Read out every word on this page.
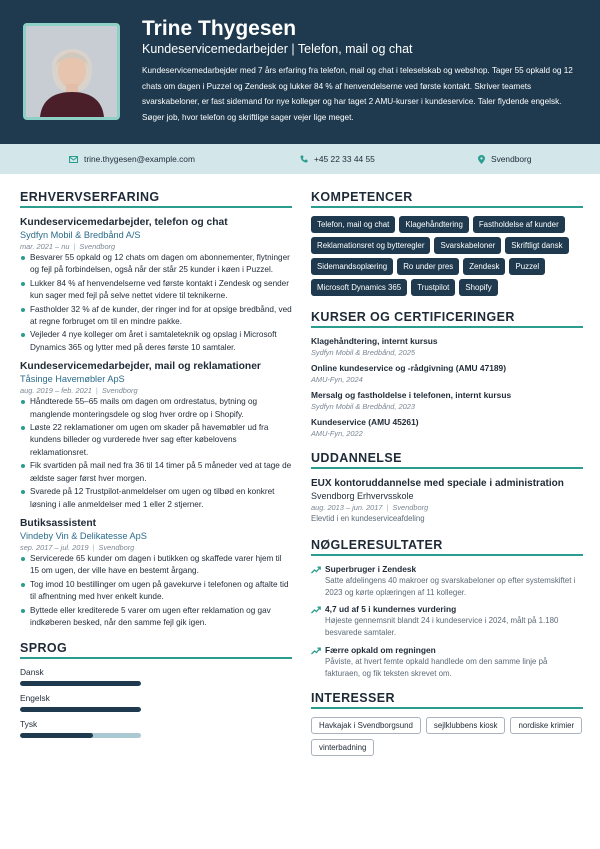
Trine Thygesen
Kundeservicemedarbejder | Telefon, mail og chat
Kundeservicemedarbejder med 7 års erfaring fra telefon, mail og chat i teleselskab og webshop. Tager 55 opkald og 12 chats om dagen i Puzzel og Zendesk og lukker 84 % af henvendelserne ved første kontakt. Skriver teamets svarskabeloner, er fast sidemand for nye kolleger og har taget 2 AMU-kurser i kundeservice. Taler flydende engelsk. Søger job, hvor telefon og skriftlige sager vejer lige meget.
trine.thygesen@example.com	+45 22 33 44 55	Svendborg
ERHVERVSERFARING
Kundeservicemedarbejder, telefon og chat
Sydfyn Mobil & Bredbånd A/S
mar. 2021 – nu | Svendborg
Besvarer 55 opkald og 12 chats om dagen om abonnementer, flytninger og fejl på forbindelsen, også når der står 25 kunder i køen i Puzzel.
Lukker 84 % af henvendelserne ved første kontakt i Zendesk og sender kun sager med fejl på selve nettet videre til teknikerne.
Fastholder 32 % af de kunder, der ringer ind for at opsige bredbånd, ved at regne forbruget om til en mindre pakke.
Vejleder 4 nye kolleger om året i samtaleteknik og opslag i Microsoft Dynamics 365 og lytter med på deres første 10 samtaler.
Kundeservicemedarbejder, mail og reklamationer
Tåsinge Havemøbler ApS
aug. 2019 – feb. 2021 | Svendborg
Håndterede 55–65 mails om dagen om ordrestatus, bytning og manglende monteringsdele og slog hver ordre op i Shopify.
Løste 22 reklamationer om ugen om skader på havemøbler ud fra kundens billeder og vurderede hver sag efter købelovens reklamationsret.
Fik svartiden på mail ned fra 36 til 14 timer på 5 måneder ved at tage de ældste sager først hver morgen.
Svarede på 12 Trustpilot-anmeldelser om ugen og tilbød en konkret løsning i alle anmeldelser med 1 eller 2 stjerner.
Butiksassistent
Vindeby Vin & Delikatesse ApS
sep. 2017 – jul. 2019 | Svendborg
Servicerede 65 kunder om dagen i butikken og skaffede varer hjem til 15 om ugen, der ville have en bestemt årgang.
Tog imod 10 bestillinger om ugen på gavekurve i telefonen og aftalte tid til afhentning med hver enkelt kunde.
Byttede eller krediterede 5 varer om ugen efter reklamation og gav indkøberen besked, når den samme fejl gik igen.
SPROG
Dansk
Engelsk
Tysk
KOMPETENCER
Telefon, mail og chat	Klagehåndtering	Fastholdelse af kunder
Reklamationsret og bytteregler	Svarskabeloner	Skriftligt dansk
Sidemandsoplæring	Ro under pres	Zendesk	Puzzel
Microsoft Dynamics 365	Trustpilot	Shopify
KURSER OG CERTIFICERINGER
Klagehåndtering, internt kursus
Sydfyn Mobil & Bredbånd, 2025
Online kundeservice og -rådgivning (AMU 47189)
AMU-Fyn, 2024
Mersalg og fastholdelse i telefonen, internt kursus
Sydfyn Mobil & Bredbånd, 2023
Kundeservice (AMU 45261)
AMU-Fyn, 2022
UDDANNELSE
EUX kontoruddannelse med speciale i administration
Svendborg Erhvervsskole
aug. 2013 – jun. 2017 | Svendborg
Elevtid i en kundeserviceafdeling
NØGLERESULTATER
Superbruger i Zendesk
Satte afdelingens 40 makroer og svarskabeloner op efter systemskiftet i 2023 og kørte oplæringen af 11 kolleger.
4,7 ud af 5 i kundernes vurdering
Højeste gennemsnit blandt 24 i kundeservice i 2024, målt på 1.180 besvarede samtaler.
Færre opkald om regningen
Påviste, at hvert femte opkald handlede om den samme linje på fakturaen, og fik teksten skrevet om.
INTERESSER
Havkajak i Svendborgsund	sejlklubbens kiosk	nordiske krimier
vinterbadning
